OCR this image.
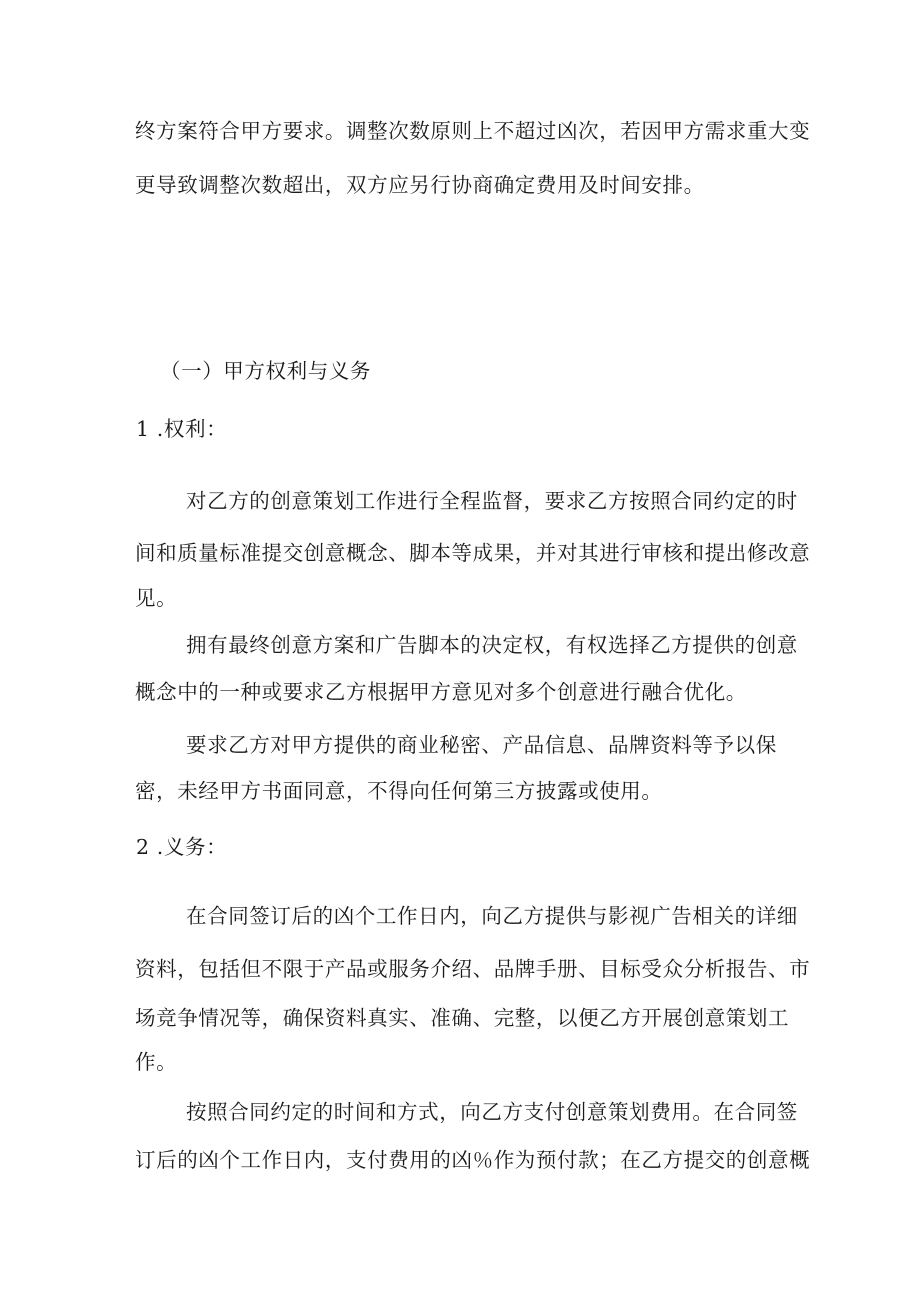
终方案符合甲方要求。调整次数原则上不超过凶次，若因甲方需求重大变
更导致调整次数超出，双方应另行协商确定费用及时间安排。
（一）甲方权利与义务
1 .权利：
对乙方的创意策划工作进行全程监督，要求乙方按照合同约定的时
间和质量标准提交创意概念、脚本等成果，并对其进行审核和提出修改意
见。
拥有最终创意方案和广告脚本的决定权，有权选择乙方提供的创意
概念中的一种或要求乙方根据甲方意见对多个创意进行融合优化。
要求乙方对甲方提供的商业秘密、产品信息、品牌资料等予以保
密，未经甲方书面同意，不得向任何第三方披露或使用。
2 .义务：
在合同签订后的凶个工作日内，向乙方提供与影视广告相关的详细
资料，包括但不限于产品或服务介绍、品牌手册、目标受众分析报告、市
场竞争情况等，确保资料真实、准确、完整，以便乙方开展创意策划工
作。
按照合同约定的时间和方式，向乙方支付创意策划费用。在合同签
订后的凶个工作日内，支付费用的凶％作为预付款；在乙方提交的创意概
